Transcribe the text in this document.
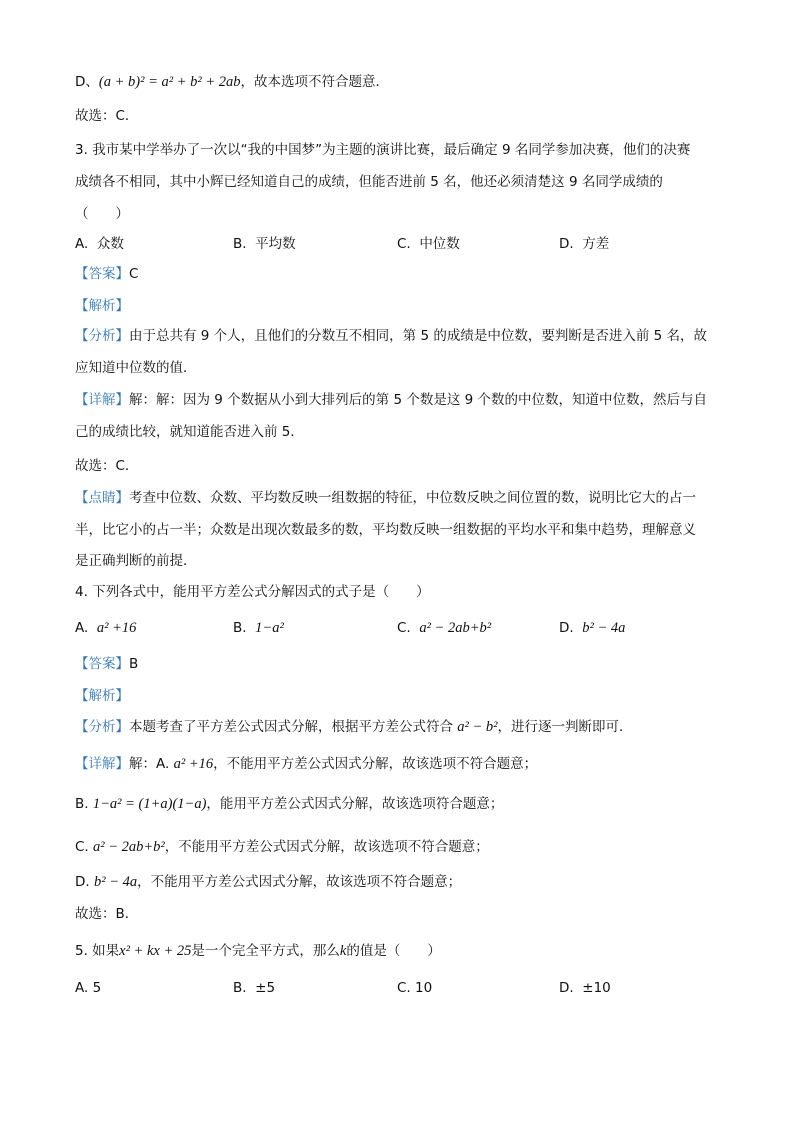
D、(a + b)² = a² + b² + 2ab，故本选项不符合题意．
故选：C．
3. 我市某中学举办了一次以“我的中国梦”为主题的演讲比赛，最后确定 9 名同学参加决赛，他们的决赛
成绩各不相同，其中小辉已经知道自己的成绩，但能否进前 5 名，他还必须清楚这 9 名同学成绩的
（　　）
A. 众数	B. 平均数	C. 中位数	D. 方差
【答案】C
【解析】
【分析】由于总共有 9 个人，且他们的分数互不相同，第 5 的成绩是中位数，要判断是否进入前 5 名，故
应知道中位数的值．
【详解】解：解：因为 9 个数据从小到大排列后的第 5 个数是这 9 个数的中位数，知道中位数，然后与自
己的成绩比较，就知道能否进入前 5．
故选：C．
【点睛】考查中位数、众数、平均数反映一组数据的特征，中位数反映之间位置的数，说明比它大的占一
半，比它小的占一半；众数是出现次数最多的数，平均数反映一组数据的平均水平和集中趋势，理解意义
是正确判断的前提．
4. 下列各式中，能用平方差公式分解因式的式子是（　　）
A. a² +16	B. 1−a²	C. a² − 2ab+b²	D. b² − 4a
【答案】B
【解析】
【分析】本题考查了平方差公式因式分解，根据平方差公式符合 a² − b²，进行逐一判断即可．
【详解】解：A. a² +16，不能用平方差公式因式分解，故该选项不符合题意；
B. 1−a² = (1+a)(1−a)，能用平方差公式因式分解，故该选项符合题意；
C. a² − 2ab+b²，不能用平方差公式因式分解，故该选项不符合题意；
D. b² − 4a，不能用平方差公式因式分解，故该选项不符合题意；
故选：B．
5. 如果x² + kx + 25是一个完全平方式，那么k的值是（　　）
A. 5	B. ±5	C. 10	D. ±10
